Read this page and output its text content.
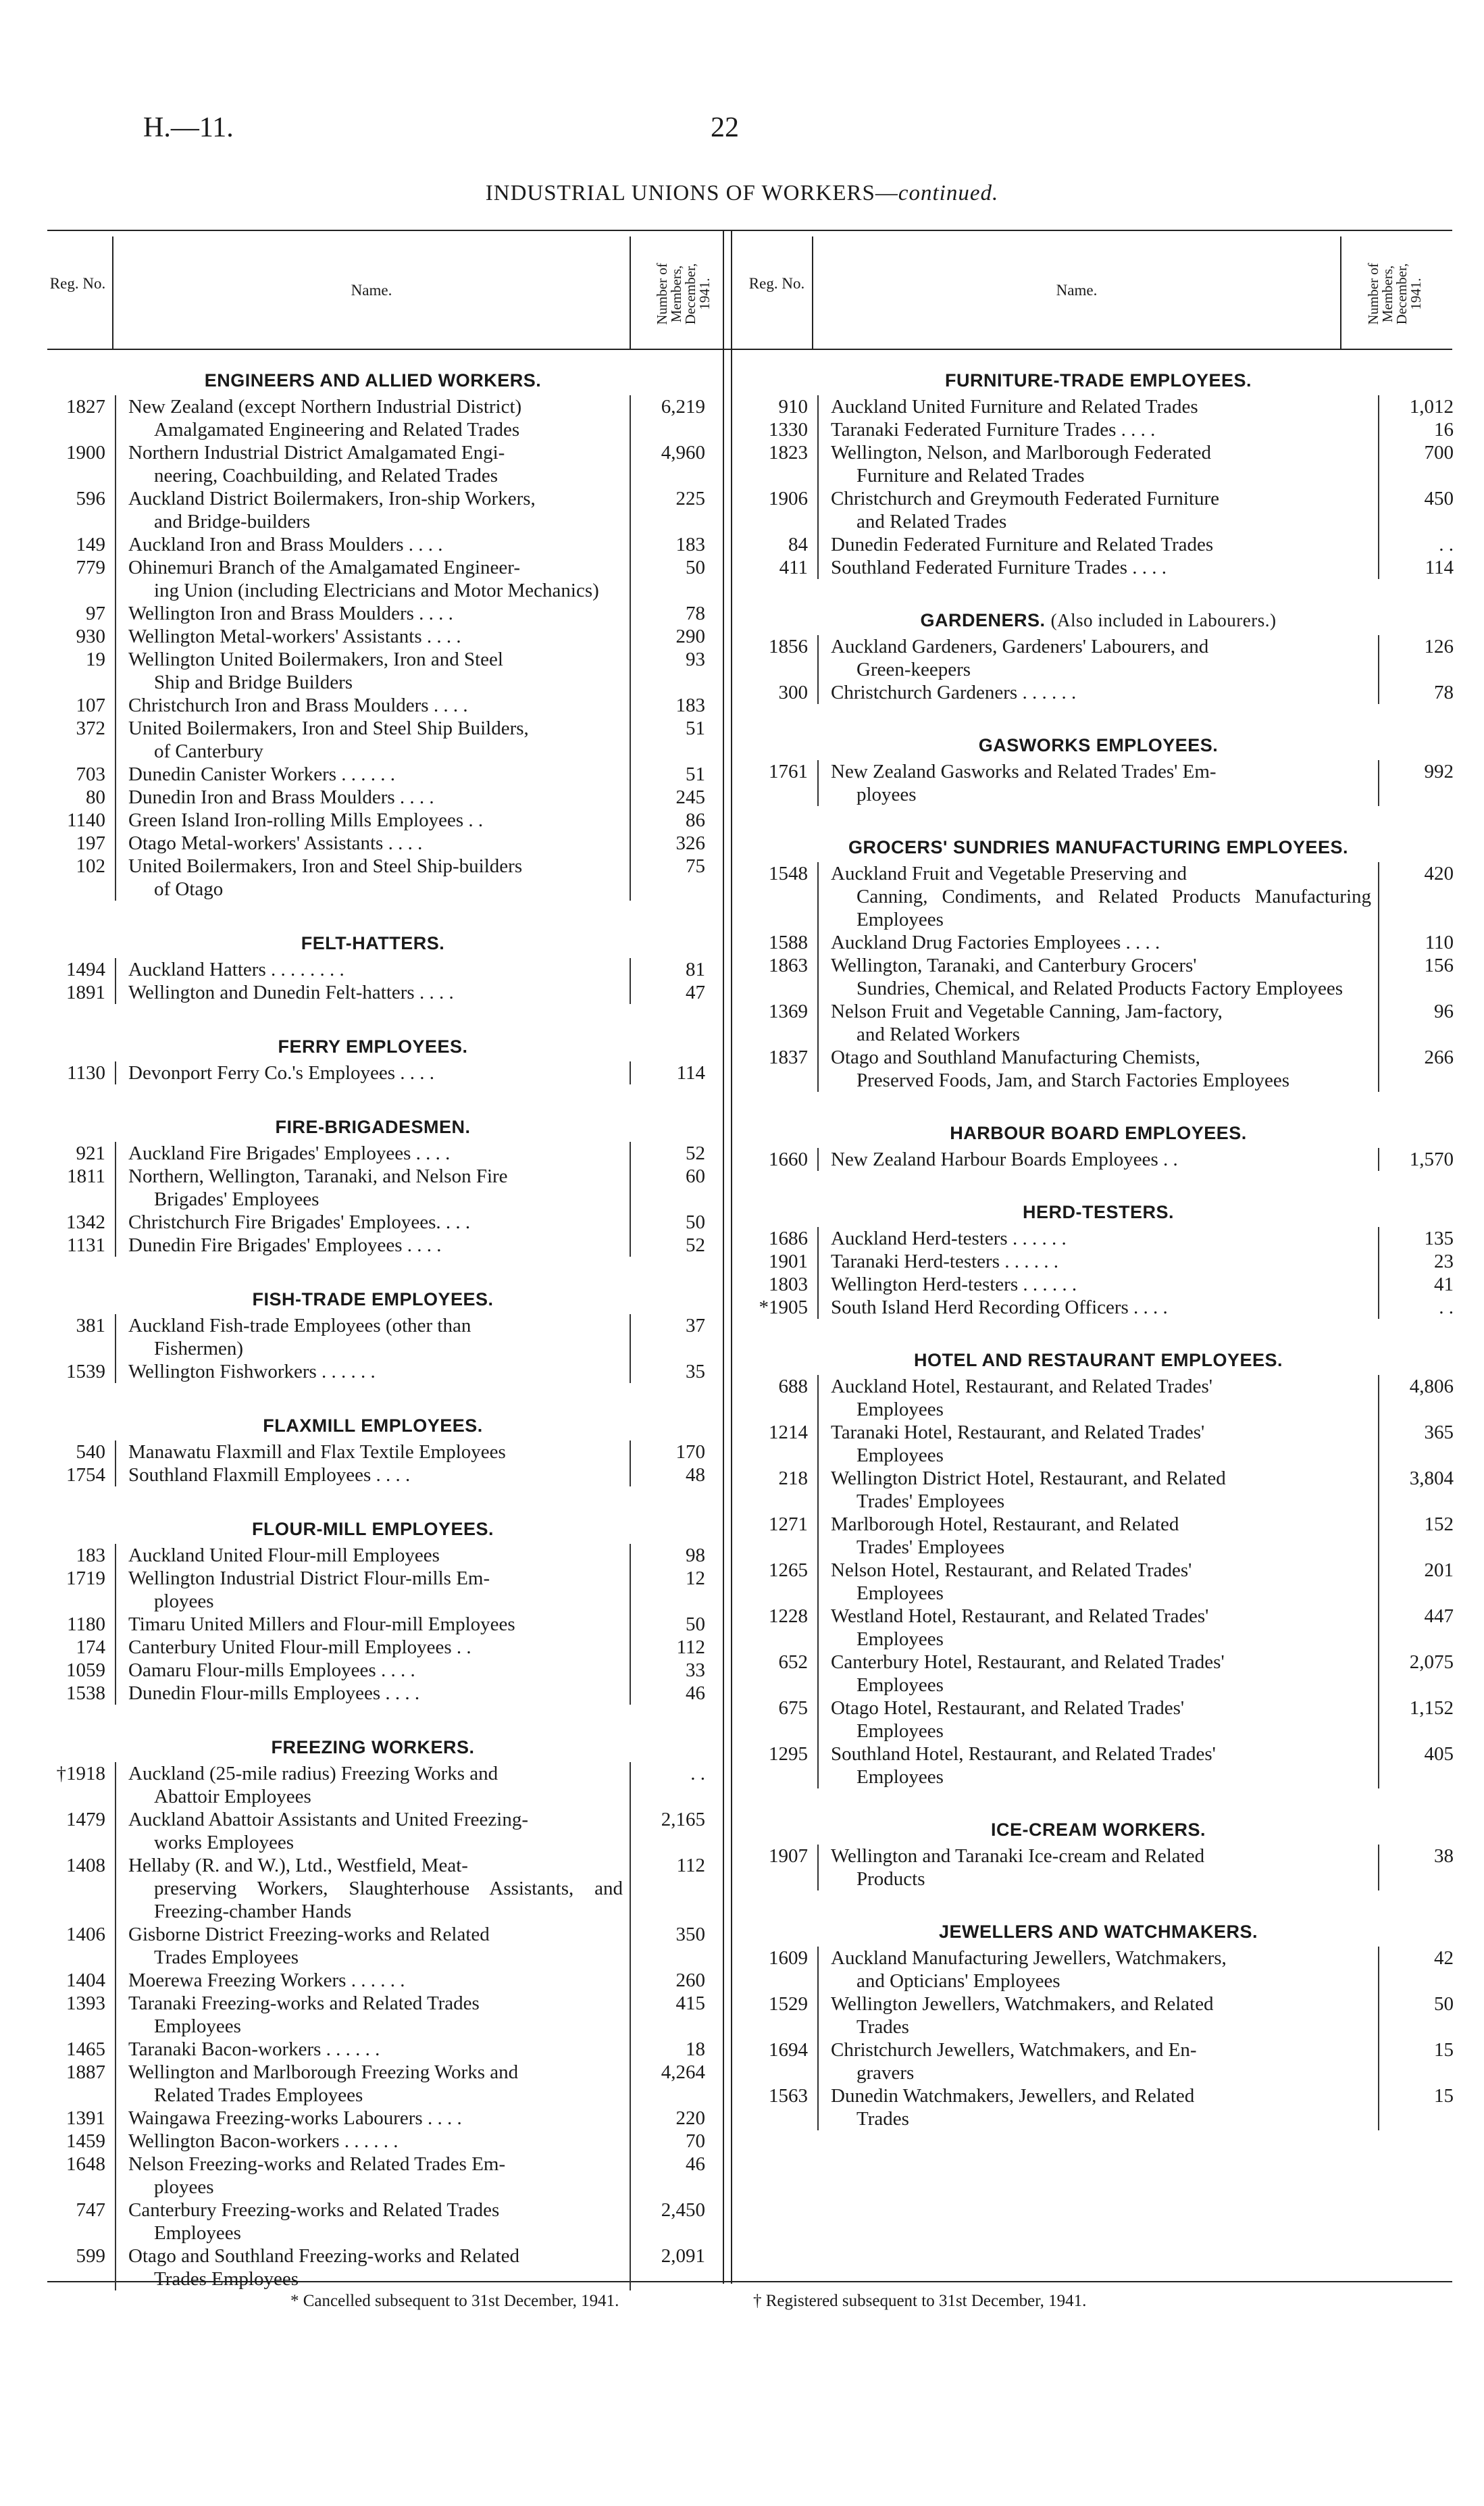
H.—11.	22
INDUSTRIAL UNIONS OF WORKERS—continued.
Reg. No.	Name.	Number of Members, December, 1941.	Reg. No.	Name.	Number of Members, December, 1941.
ENGINEERS AND ALLIED WORKERS.
1827	New Zealand (except Northern Industrial District)
Amalgamated Engineering and Related Trades
6,219
1900	Northern Industrial District Amalgamated Engi-
neering, Coachbuilding, and Related Trades
4,960
596	Auckland District Boilermakers, Iron-ship Workers,
and Bridge-builders
225
149	Auckland Iron and Brass Moulders . . . .	183
779	Ohinemuri Branch of the Amalgamated Engineer-
ing Union (including Electricians and Motor Mechanics)
50
97	Wellington Iron and Brass Moulders . . . .	78
930	Wellington Metal-workers' Assistants . . . .	290
19	Wellington United Boilermakers, Iron and Steel
Ship and Bridge Builders
93
107	Christchurch Iron and Brass Moulders . . . .	183
372	United Boilermakers, Iron and Steel Ship Builders,
of Canterbury
51
703	Dunedin Canister Workers . . . . . .	51
80	Dunedin Iron and Brass Moulders . . . .	245
1140	Green Island Iron-rolling Mills Employees . .	86
197	Otago Metal-workers' Assistants . . . .	326
102	United Boilermakers, Iron and Steel Ship-builders
of Otago
75
FELT-HATTERS.
1494	Auckland Hatters . . . . . . . .	81
1891	Wellington and Dunedin Felt-hatters . . . .	47
FERRY EMPLOYEES.
1130	Devonport Ferry Co.'s Employees . . . .	114
FIRE-BRIGADESMEN.
921	Auckland Fire Brigades' Employees . . . .	52
1811	Northern, Wellington, Taranaki, and Nelson Fire
Brigades' Employees
60
1342	Christchurch Fire Brigades' Employees. . . .	50
1131	Dunedin Fire Brigades' Employees . . . .	52
FISH-TRADE EMPLOYEES.
381	Auckland Fish-trade Employees (other than
Fishermen)
37
1539	Wellington Fishworkers . . . . . .	35
FLAXMILL EMPLOYEES.
540	Manawatu Flaxmill and Flax Textile Employees	170
1754	Southland Flaxmill Employees . . . .	48
FLOUR-MILL EMPLOYEES.
183	Auckland United Flour-mill Employees	98
1719	Wellington Industrial District Flour-mills Em-
ployees
12
1180	Timaru United Millers and Flour-mill Employees	50
174	Canterbury United Flour-mill Employees . .	112
1059	Oamaru Flour-mills Employees . . . .	33
1538	Dunedin Flour-mills Employees . . . .	46
FREEZING WORKERS.
†1918	Auckland (25-mile radius) Freezing Works and
Abattoir Employees
. .
1479	Auckland Abattoir Assistants and United Freezing-
works Employees
2,165
1408	Hellaby (R. and W.), Ltd., Westfield, Meat-
preserving Workers, Slaughterhouse Assistants, and Freezing-chamber Hands
112
1406	Gisborne District Freezing-works and Related
Trades Employees
350
1404	Moerewa Freezing Workers . . . . . .	260
1393	Taranaki Freezing-works and Related Trades
Employees
415
1465	Taranaki Bacon-workers . . . . . .	18
1887	Wellington and Marlborough Freezing Works and
Related Trades Employees
4,264
1391	Waingawa Freezing-works Labourers . . . .	220
1459	Wellington Bacon-workers . . . . . .	70
1648	Nelson Freezing-works and Related Trades Em-
ployees
46
747	Canterbury Freezing-works and Related Trades
Employees
2,450
599	Otago and Southland Freezing-works and Related
Trades Employees
2,091
FURNITURE-TRADE EMPLOYEES.
910	Auckland United Furniture and Related Trades	1,012
1330	Taranaki Federated Furniture Trades . . . .	16
1823	Wellington, Nelson, and Marlborough Federated
Furniture and Related Trades
700
1906	Christchurch and Greymouth Federated Furniture
and Related Trades
450
84	Dunedin Federated Furniture and Related Trades	. .
411	Southland Federated Furniture Trades . . . .	114
GARDENERS. (Also included in Labourers.)
1856	Auckland Gardeners, Gardeners' Labourers, and
Green-keepers
126
300	Christchurch Gardeners . . . . . .	78
GASWORKS EMPLOYEES.
1761	New Zealand Gasworks and Related Trades' Em-
ployees
992
GROCERS' SUNDRIES MANUFACTURING EMPLOYEES.
1548	Auckland Fruit and Vegetable Preserving and
Canning, Condiments, and Related Products Manufacturing Employees
420
1588	Auckland Drug Factories Employees . . . .	110
1863	Wellington, Taranaki, and Canterbury Grocers'
Sundries, Chemical, and Related Products Factory Employees
156
1369	Nelson Fruit and Vegetable Canning, Jam-factory,
and Related Workers
96
1837	Otago and Southland Manufacturing Chemists,
Preserved Foods, Jam, and Starch Factories Employees
266
HARBOUR BOARD EMPLOYEES.
1660	New Zealand Harbour Boards Employees . .	1,570
HERD-TESTERS.
1686	Auckland Herd-testers . . . . . .	135
1901	Taranaki Herd-testers . . . . . .	23
1803	Wellington Herd-testers . . . . . .	41
*1905	South Island Herd Recording Officers . . . .	. .
HOTEL AND RESTAURANT EMPLOYEES.
688	Auckland Hotel, Restaurant, and Related Trades'
Employees
4,806
1214	Taranaki Hotel, Restaurant, and Related Trades'
Employees
365
218	Wellington District Hotel, Restaurant, and Related
Trades' Employees
3,804
1271	Marlborough Hotel, Restaurant, and Related
Trades' Employees
152
1265	Nelson Hotel, Restaurant, and Related Trades'
Employees
201
1228	Westland Hotel, Restaurant, and Related Trades'
Employees
447
652	Canterbury Hotel, Restaurant, and Related Trades'
Employees
2,075
675	Otago Hotel, Restaurant, and Related Trades'
Employees
1,152
1295	Southland Hotel, Restaurant, and Related Trades'
Employees
405
ICE-CREAM WORKERS.
1907	Wellington and Taranaki Ice-cream and Related
Products
38
JEWELLERS AND WATCHMAKERS.
1609	Auckland Manufacturing Jewellers, Watchmakers,
and Opticians' Employees
42
1529	Wellington Jewellers, Watchmakers, and Related
Trades
50
1694	Christchurch Jewellers, Watchmakers, and En-
gravers
15
1563	Dunedin Watchmakers, Jewellers, and Related
Trades
15
* Cancelled subsequent to 31st December, 1941.	† Registered subsequent to 31st December, 1941.
